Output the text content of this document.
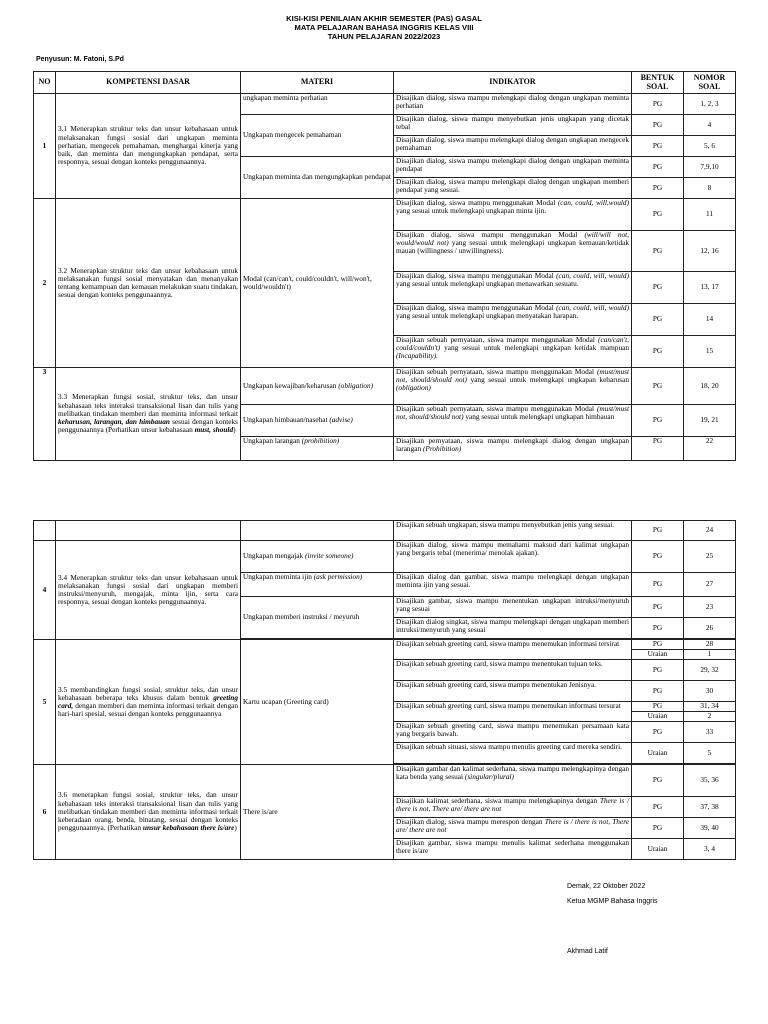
KISI-KISI PENILAIAN AKHIR SEMESTER (PAS) GASAL
MATA PELAJARAN BAHASA INGGRIS KELAS VIII
TAHUN PELAJARAN 2022/2023
Penyusun: M. Fatoni, S.Pd
NO	KOMPETENSI DASAR	MATERI	INDIKATOR	BENTUK SOAL	NOMOR SOAL
1	3.1 Menerapkan struktur teks dan unsur kebahasaan untuk melaksanakan fungsi sosial dari ungkapan meminta perhatian, mengecek pemahaman, menghargai kinerja yang baik, dan meminta dan mengungkapkan pendapat, serta responnya, sesuai dengan konteks penggunaannya.	ungkapan meminta perhatian	Disajikan dialog, siswa mampu melengkapi dialog dengan ungkapan meminta perhatian	PG	1, 2, 3
		Ungkapan mengecek pemahaman	Disajikan dialog, siswa mampu menyebutkan jenis ungkapan yang dicetak tebal	PG	4
			Disajikan dialog, siswa mampu melengkapi dialog dengan ungkapan mengecek pemahaman	PG	5, 6
		Ungkapan meminta dan mengungkapkan pendapat	Disajikan dialog, siswa mampu melengkapi dialog dengan ungkapan meminta pendapat	PG	7,9,10
			Disajikan dialog, siswa mampu melengkapi dialog dengan ungkapan memberi pendapat yang sesuai.	PG	8
2	3.2 Menerapkan struktur teks dan unsur kebahasaan untuk melaksanakan fungsi sosial menyatakan dan menanyakan tentang kemampuan dan kemauan melakukan suatu tindakan, sesuai dengan konteks penggunaannya.	Modal (can/can't, could/couldn't, will/won't, would/wouldn't)	Disajikan dialog, siswa mampu menggunakan Modal (can, could, will,would) yang sesuai untuk melengkapi ungkapan minta ijin.	PG	11
			Disajikan dialog, siswa mampu menggunakan Modal (will/will not, would/would not) yang sesuai untuk melengkapi ungkapan kemauan/ketidak mauan (willingness / unwillingness).	PG	12, 16
			Disajikan dialog, siswa mampu menggunakan Modal (can, could, will, would) yang sesuai untuk melengkapi ungkapan menawarkan sesuatu.	PG	13, 17
			Disajikan dialog, siswa mampu menggunakan Modal (can, could, will, would) yang sesuai untuk melengkapi ungkapan menyatakan harapan.	PG	14
			Disajikan sebuah pernyataan, siswa mampu menggunakan Modal (can/can't, could/couldn't) yang sesuai untuk melengkapi ungkapan ketidak mampuan (Incapability).	PG	15
3	3.3 Menerapkan fungsi sosial, struktur teks, dan unsur kebahasaan teks interaksi transaksional lisan dan tulis yang melibatkan tindakan memberi dan meminta informasi terkait keharusan, larangan, dan himbauan sesuai dengan konteks penggunaannya (Perhatikan unsur kebahasaan must, should)	Ungkapan kewajiban/keharusan (obligation)	Disajikan sebuah pernyataan, siswa mampu menggunakan Modal (must/must not, should/should not) yang sesuai untuk melengkapi ungkapan keharusan (obligation)	PG	18, 20
		Ungkapan himbauan/nasehat (advise)	Disajikan sebuah pernyataan, siswa mampu menggunakan Modal (must/must not, should/should not) yang sesuai untuk melengkapi ungkapan himbauan	PG	19, 21
		Ungkapan larangan (prohibition)	Disajikan pernyataan, siswa mampu melengkapi dialog dengan ungkapan larangan (Prohibition)	PG	22
			Disajikan sebuah ungkapan, siswa mampu menyebutkan jenis yang sesuai.	PG	24
4	3.4 Menerapkan struktur teks dan unsur kebahasaan untuk melaksanakan fungsi sosial dari ungkapan memberi instruksi/menyuruh, mengajak, minta ijin, serta cara responnya, sesuai dengan konteks penggunaannya.	Ungkapan mengajak (invite someone)	Disajikan dialog, siswa mampu memahami maksud dari kalimat ungkapan yang bergaris tebal (menerima/ menolak ajakan).	PG	25
		Ungkapan meminta ijin (ask permission)	Disajikan dialog dan gambar, siswa mampu melengkapi dengan ungkapan meminta ijin yang sesuai.	PG	27
		Ungkapan memberi instruksi / meyuruh	Disajikan gambar, siswa mampu menentukan ungkapan intruksi/menyuruh yang sesuai	PG	23
			Disajikan dialog singkat, siswa mampu melengkapi dengan ungkapan memberi intruksi/menyuruh yang sesuai	PG	26

5	3.5 membandingkan fungsi sosial, struktur teks, dan unsur kebahasaan beberapa teks khusus dalam bentuk greeting card, dengan memberi dan meminta informasi terkait dengan hari-hari spesial, sesuai dengan konteks penggunaannya	Kartu ucapan (Greeting card)	Disajikan sebuah greeting card, siswa mampu menemukan informasi tersirat	PG	28
				Uraian	1
			Disajikan sebuah greeting card, siswa mampu menentukan tujuan teks.	PG	29, 32
			Disajikan sebuah greeting card, siswa mampu menentukan Jenisnya.	PG	30
			Disajikan sebuah greeting card, siswa mampu menemukan informasi tersurat	PG	31, 34
				Uraian	2
			Disajikan sebuah greeting card, siswa mampu menemukan persamaan kata yang bergaris bawah.	PG	33
			Disajikan sebuah situasi, siswa mampu menulis greeting card mereka sendiri.	Uraian	5

6	3.6 menerapkan fungsi sosial, struktur teks, dan unsur kebahasaan teks interaksi transaksional lisan dan tulis yang melibatkan tindakan memberi dan meminta informasi terkait keberadaan orang, benda, binatang, sesuai dengan konteks penggunaannya. (Perhatikan unsur kebahasaan there is/are)	There is/are	Disajikan gambar dan kalimat sederhana, siswa mampu melengkapinya dengan kata benda yang sesuai (singular/plural)	PG	35, 36
			Disajikan kalimat sederhana, siswa mampu melengkapinya dengan There is / there is not, There are/ there are not	PG	37, 38
			Disajikan dialog, siswa mampu merespon dengan There is / there is not, There are/ there are not	PG	39, 40
			Disajikan gambar, siswa mampu menulis kalimat sederhana menggunakan there is/are	Uraian	3, 4
Demak, 22 Oktober 2022
Ketua MGMP Bahasa Inggris
Akhmad Latif
